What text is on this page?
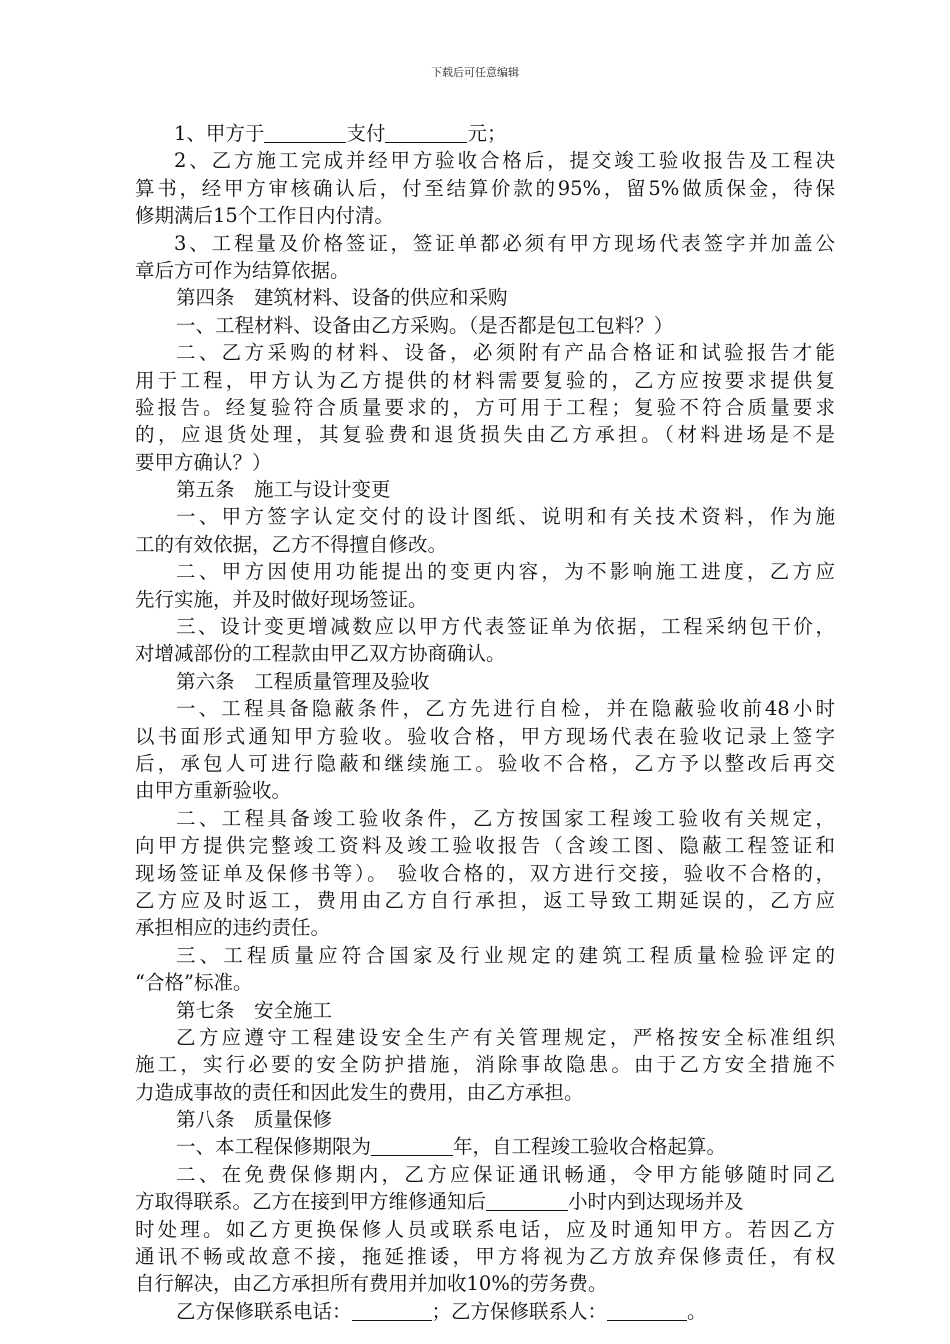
下载后可任意编辑
1、甲方于	支付	元；
2、乙方施工完成并经甲方验收合格后，提交竣工验收报告及工程决
算书，经甲方审核确认后，付至结算价款的95%，留5%做质保金，待保
修期满后15个工作日内付清。
3、工程量及价格签证，签证单都必须有甲方现场代表签字并加盖公
章后方可作为结算依据。
第四条　建筑材料、设备的供应和采购
一、工程材料、设备由乙方采购。（是否都是包工包料？）
二、乙方采购的材料、设备，必须附有产品合格证和试验报告才能
用于工程，甲方认为乙方提供的材料需要复验的，乙方应按要求提供复
验报告。经复验符合质量要求的，方可用于工程；复验不符合质量要求
的，应退货处理，其复验费和退货损失由乙方承担。（材料进场是不是
要甲方确认？）
第五条　施工与设计变更
一、甲方签字认定交付的设计图纸、说明和有关技术资料，作为施
工的有效依据，乙方不得擅自修改。
二、甲方因使用功能提出的变更内容，为不影响施工进度，乙方应
先行实施，并及时做好现场签证。
三、设计变更增减数应以甲方代表签证单为依据，工程采纳包干价，
对增减部份的工程款由甲乙双方协商确认。
第六条　工程质量管理及验收
一、工程具备隐蔽条件，乙方先进行自检，并在隐蔽验收前48小时
以书面形式通知甲方验收。验收合格，甲方现场代表在验收记录上签字
后，承包人可进行隐蔽和继续施工。验收不合格，乙方予以整改后再交
由甲方重新验收。
二、工程具备竣工验收条件，乙方按国家工程竣工验收有关规定，
向甲方提供完整竣工资料及竣工验收报告（含竣工图、隐蔽工程签证和
现场签证单及保修书等）。 验收合格的，双方进行交接，验收不合格的，
乙方应及时返工，费用由乙方自行承担，返工导致工期延误的，乙方应
承担相应的违约责任。
三、工程质量应符合国家及行业规定的建筑工程质量检验评定的
“合格”标准。
第七条　安全施工
乙方应遵守工程建设安全生产有关管理规定，严格按安全标准组织
施工，实行必要的安全防护措施，消除事故隐患。由于乙方安全措施不
力造成事故的责任和因此发生的费用，由乙方承担。
第八条　质量保修
一、本工程保修期限为	年，自工程竣工验收合格起算。
二、在免费保修期内，乙方应保证通讯畅通，令甲方能够随时同乙
方取得联系。乙方在接到甲方维修通知后	小时内到达现场并及
时处理。如乙方更换保修人员或联系电话，应及时通知甲方。若因乙方
通讯不畅或故意不接，拖延推诿，甲方将视为乙方放弃保修责任，有权
自行解决，由乙方承担所有费用并加收10%的劳务费。
乙方保修联系电话：	；乙方保修联系人：	。
